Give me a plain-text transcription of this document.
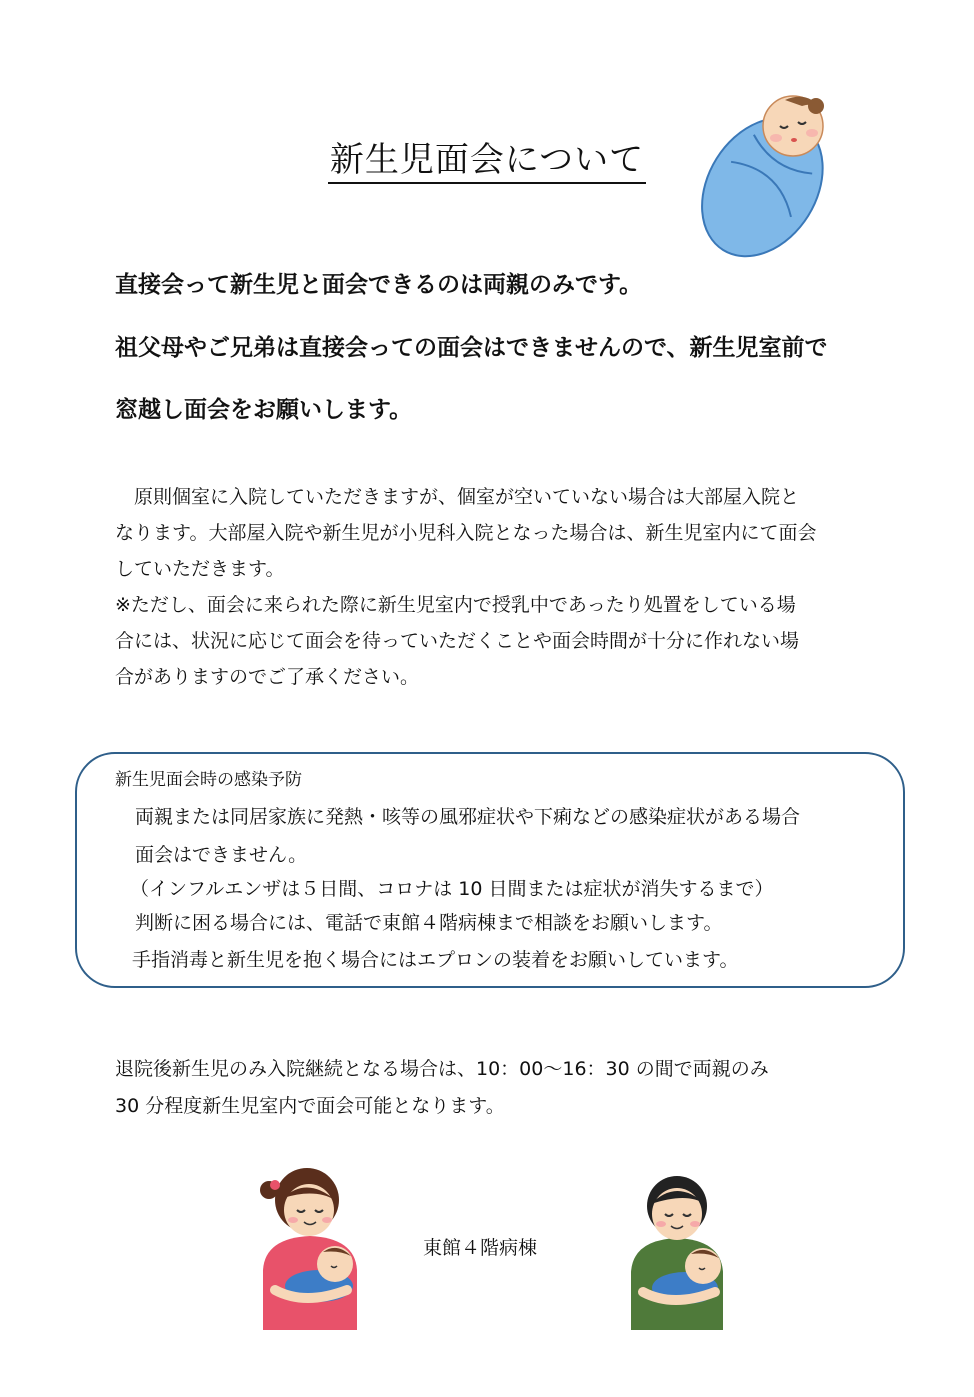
新生児面会について
直接会って新生児と面会できるのは両親のみです。
祖父母やご兄弟は直接会っての面会はできませんので、新生児室前で
窓越し面会をお願いします。
　原則個室に入院していただきますが、個室が空いていない場合は大部屋入院と
なります。大部屋入院や新生児が小児科入院となった場合は、新生児室内にて面会
していただきます。
※ただし、面会に来られた際に新生児室内で授乳中であったり処置をしている場
合には、状況に応じて面会を待っていただくことや面会時間が十分に作れない場
合がありますのでご了承ください。
新生児面会時の感染予防
両親または同居家族に発熱・咳等の風邪症状や下痢などの感染症状がある場合
面会はできません。
（インフルエンザは５日間、コロナは 10 日間または症状が消失するまで）
判断に困る場合には、電話で東館４階病棟まで相談をお願いします。
手指消毒と新生児を抱く場合にはエプロンの装着をお願いしています。
退院後新生児のみ入院継続となる場合は、10：00～16：30 の間で両親のみ
30 分程度新生児室内で面会可能となります。
東館４階病棟
